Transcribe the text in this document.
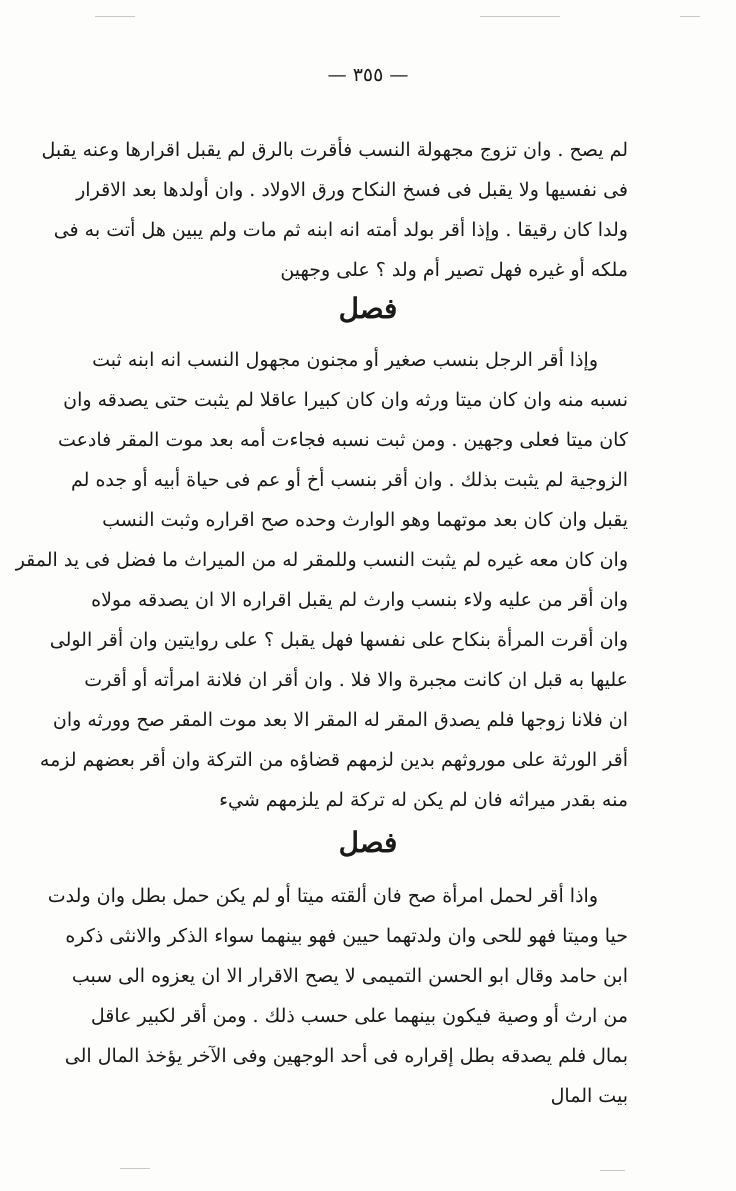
— ٣٥٥ —
لم يصح . وان تزوج مجهولة النسب فأقرت بالرق لم يقبل اقرارها وعنه يقبل
فى نفسيها ولا يقبل فى فسخ النكاح ورق الاولاد . وان أولدها بعد الاقرار
ولدا كان رقيقا . وإذا أقر بولد أمته انه ابنه ثم مات ولم يبين هل أتت به فى
ملكه أو غيره فهل تصير أم ولد ؟ على وجهين
فصل
وإذا أقر الرجل بنسب صغير أو مجنون مجهول النسب انه ابنه ثبت
نسبه منه وان كان ميتا ورثه وان كان كبيرا عاقلا لم يثبت حتى يصدقه وان
كان ميتا فعلى وجهين . ومن ثبت نسبه فجاءت أمه بعد موت المقر فادعت
الزوجية لم يثبت بذلك . وان أقر بنسب أخ أو عم فى حياة أبيه أو جده لم
يقبل وان كان بعد موتهما وهو الوارث وحده صح اقراره وثبت النسب
وان كان معه غيره لم يثبت النسب وللمقر له من الميراث ما فضل فى يد المقر
وان أقر من عليه ولاء بنسب وارث لم يقبل اقراره الا ان يصدقه مولاه
وان أقرت المرأة بنكاح على نفسها فهل يقبل ؟ على روايتين وان أقر الولى
عليها به قبل ان كانت مجبرة والا فلا . وان أقر ان فلانة امرأته أو أقرت
ان فلانا زوجها فلم يصدق المقر له المقر الا بعد موت المقر صح وورثه وان
أقر الورثة على موروثهم بدين لزمهم قضاؤه من التركة وان أقر بعضهم لزمه
منه بقدر ميراثه فان لم يكن له تركة لم يلزمهم شيء
فصل
واذا أقر لحمل امرأة صح فان ألقته ميتا أو لم يكن حمل بطل وان ولدت
حيا وميتا فهو للحى وان ولدتهما حيين فهو بينهما سواء الذكر والانثى ذكره
ابن حامد وقال ابو الحسن التميمى لا يصح الاقرار الا ان يعزوه الى سبب
من ارث أو وصية فيكون بينهما على حسب ذلك . ومن أقر لكبير عاقل
بمال فلم يصدقه بطل إقراره فى أحد الوجهين وفى الآخر يؤخذ المال الى
بيت المال
